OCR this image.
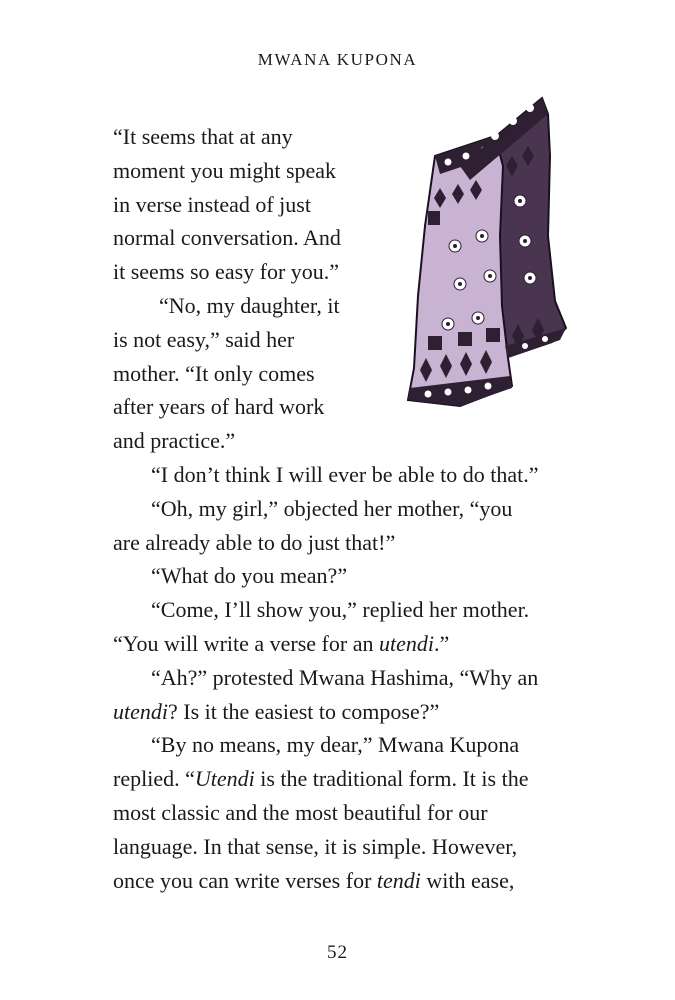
MWANA KUPONA

“It seems that at any

moment you might speak

in verse instead of just

normal conversation. And

it seems so easy for you.”

“No, my daughter, it

is not easy,” said her

mother. “It only comes

after years of hard work

and practice.”

“I don’t think I will ever be able to do that.”

“Oh, my girl,” objected her mother, “you

are already able to do just that!”

“What do you mean?”

“Come, I’ll show you,” replied her mother.

“You will write a verse for an utendi.”

“Ah?” protested Mwana Hashima, “Why an

utendi? Is it the easiest to compose?”

“By no means, my dear,” Mwana Kupona

replied. “Utendi is the traditional form. It is the

most classic and the most beautiful for our

language. In that sense, it is simple. However,

once you can write verses for tendi with ease,

52
